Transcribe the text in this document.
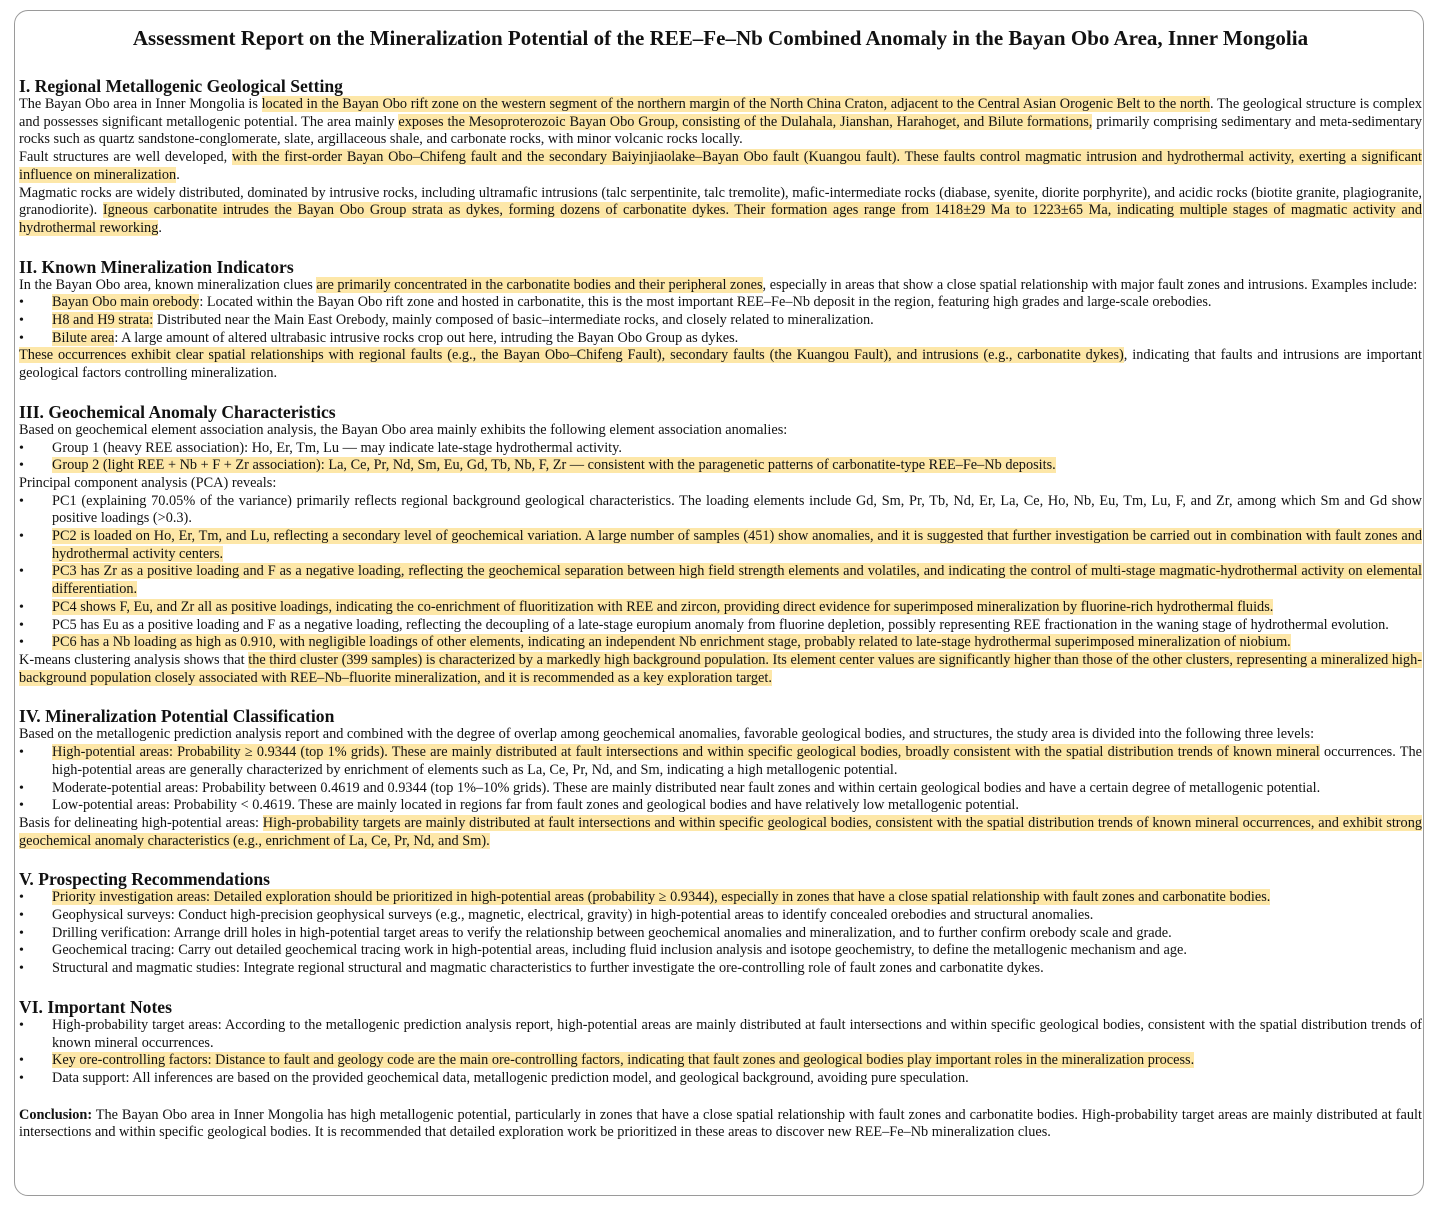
Assessment Report on the Mineralization Potential of the REE–Fe–Nb Combined Anomaly in the Bayan Obo Area, Inner Mongolia
I. Regional Metallogenic Geological Setting

The Bayan Obo area in Inner Mongolia is located in the Bayan Obo rift zone on the western segment of the northern margin of the North China Craton, adjacent to the Central Asian Orogenic Belt to the north. The geological structure is complex and possesses significant metallogenic potential. The area mainly exposes the Mesoproterozoic Bayan Obo Group, consisting of the Dulahala, Jianshan, Harahoget, and Bilute formations, primarily comprising sedimentary and meta-sedimentary rocks such as quartz sandstone-conglomerate, slate, argillaceous shale, and carbonate rocks, with minor volcanic rocks locally.

Fault structures are well developed, with the first-order Bayan Obo–Chifeng fault and the secondary Baiyinjiaolake–Bayan Obo fault (Kuangou fault). These faults control magmatic intrusion and hydrothermal activity, exerting a significant influence on mineralization.

Magmatic rocks are widely distributed, dominated by intrusive rocks, including ultramafic intrusions (talc serpentinite, talc tremolite), mafic-intermediate rocks (diabase, syenite, diorite porphyrite), and acidic rocks (biotite granite, plagiogranite, granodiorite). Igneous carbonatite intrudes the Bayan Obo Group strata as dykes, forming dozens of carbonatite dykes. Their formation ages range from 1418±29 Ma to 1223±65 Ma, indicating multiple stages of magmatic activity and hydrothermal reworking.

II. Known Mineralization Indicators

In the Bayan Obo area, known mineralization clues are primarily concentrated in the carbonatite bodies and their peripheral zones, especially in areas that show a close spatial relationship with major fault zones and intrusions. Examples include:

• Bayan Obo main orebody: Located within the Bayan Obo rift zone and hosted in carbonatite, this is the most important REE–Fe–Nb deposit in the region, featuring high grades and large-scale orebodies.
• H8 and H9 strata: Distributed near the Main East Orebody, mainly composed of basic–intermediate rocks, and closely related to mineralization.
• Bilute area: A large amount of altered ultrabasic intrusive rocks crop out here, intruding the Bayan Obo Group as dykes.

These occurrences exhibit clear spatial relationships with regional faults (e.g., the Bayan Obo–Chifeng Fault), secondary faults (the Kuangou Fault), and intrusions (e.g., carbonatite dykes), indicating that faults and intrusions are important geological factors controlling mineralization.

III. Geochemical Anomaly Characteristics

Based on geochemical element association analysis, the Bayan Obo area mainly exhibits the following element association anomalies:

• Group 1 (heavy REE association): Ho, Er, Tm, Lu — may indicate late-stage hydrothermal activity.
• Group 2 (light REE + Nb + F + Zr association): La, Ce, Pr, Nd, Sm, Eu, Gd, Tb, Nb, F, Zr — consistent with the paragenetic patterns of carbonatite-type REE–Fe–Nb deposits.

Principal component analysis (PCA) reveals:

• PC1 (explaining 70.05% of the variance) primarily reflects regional background geological characteristics. The loading elements include Gd, Sm, Pr, Tb, Nd, Er, La, Ce, Ho, Nb, Eu, Tm, Lu, F, and Zr, among which Sm and Gd show positive loadings (>0.3).
• PC2 is loaded on Ho, Er, Tm, and Lu, reflecting a secondary level of geochemical variation. A large number of samples (451) show anomalies, and it is suggested that further investigation be carried out in combination with fault zones and hydrothermal activity centers.
• PC3 has Zr as a positive loading and F as a negative loading, reflecting the geochemical separation between high field strength elements and volatiles, and indicating the control of multi-stage magmatic-hydrothermal activity on elemental differentiation.
• PC4 shows F, Eu, and Zr all as positive loadings, indicating the co-enrichment of fluoritization with REE and zircon, providing direct evidence for superimposed mineralization by fluorine-rich hydrothermal fluids.
• PC5 has Eu as a positive loading and F as a negative loading, reflecting the decoupling of a late-stage europium anomaly from fluorine depletion, possibly representing REE fractionation in the waning stage of hydrothermal evolution.
• PC6 has a Nb loading as high as 0.910, with negligible loadings of other elements, indicating an independent Nb enrichment stage, probably related to late-stage hydrothermal superimposed mineralization of niobium.

K-means clustering analysis shows that the third cluster (399 samples) is characterized by a markedly high background population. Its element center values are significantly higher than those of the other clusters, representing a mineralized high-background population closely associated with REE–Nb–fluorite mineralization, and it is recommended as a key exploration target.

IV. Mineralization Potential Classification

Based on the metallogenic prediction analysis report and combined with the degree of overlap among geochemical anomalies, favorable geological bodies, and structures, the study area is divided into the following three levels:

• High-potential areas: Probability ≥ 0.9344 (top 1% grids). These are mainly distributed at fault intersections and within specific geological bodies, broadly consistent with the spatial distribution trends of known mineral occurrences. The high-potential areas are generally characterized by enrichment of elements such as La, Ce, Pr, Nd, and Sm, indicating a high metallogenic potential.
• Moderate-potential areas: Probability between 0.4619 and 0.9344 (top 1%–10% grids). These are mainly distributed near fault zones and within certain geological bodies and have a certain degree of metallogenic potential.
• Low-potential areas: Probability < 0.4619. These are mainly located in regions far from fault zones and geological bodies and have relatively low metallogenic potential.

Basis for delineating high-potential areas: High-probability targets are mainly distributed at fault intersections and within specific geological bodies, consistent with the spatial distribution trends of known mineral occurrences, and exhibit strong geochemical anomaly characteristics (e.g., enrichment of La, Ce, Pr, Nd, and Sm).

V. Prospecting Recommendations
• Priority investigation areas: Detailed exploration should be prioritized in high-potential areas (probability ≥ 0.9344), especially in zones that have a close spatial relationship with fault zones and carbonatite bodies.
• Geophysical surveys: Conduct high-precision geophysical surveys (e.g., magnetic, electrical, gravity) in high-potential areas to identify concealed orebodies and structural anomalies.
• Drilling verification: Arrange drill holes in high-potential target areas to verify the relationship between geochemical anomalies and mineralization, and to further confirm orebody scale and grade.
• Geochemical tracing: Carry out detailed geochemical tracing work in high-potential areas, including fluid inclusion analysis and isotope geochemistry, to define the metallogenic mechanism and age.
• Structural and magmatic studies: Integrate regional structural and magmatic characteristics to further investigate the ore-controlling role of fault zones and carbonatite dykes.
VI. Important Notes
• High-probability target areas: According to the metallogenic prediction analysis report, high-potential areas are mainly distributed at fault intersections and within specific geological bodies, consistent with the spatial distribution trends of known mineral occurrences.
• Key ore-controlling factors: Distance to fault and geology code are the main ore-controlling factors, indicating that fault zones and geological bodies play important roles in the mineralization process.
• Data support: All inferences are based on the provided geochemical data, metallogenic prediction model, and geological background, avoiding pure speculation.

Conclusion: The Bayan Obo area in Inner Mongolia has high metallogenic potential, particularly in zones that have a close spatial relationship with fault zones and carbonatite bodies. High-probability target areas are mainly distributed at fault intersections and within specific geological bodies. It is recommended that detailed exploration work be prioritized in these areas to discover new REE–Fe–Nb mineralization clues.
